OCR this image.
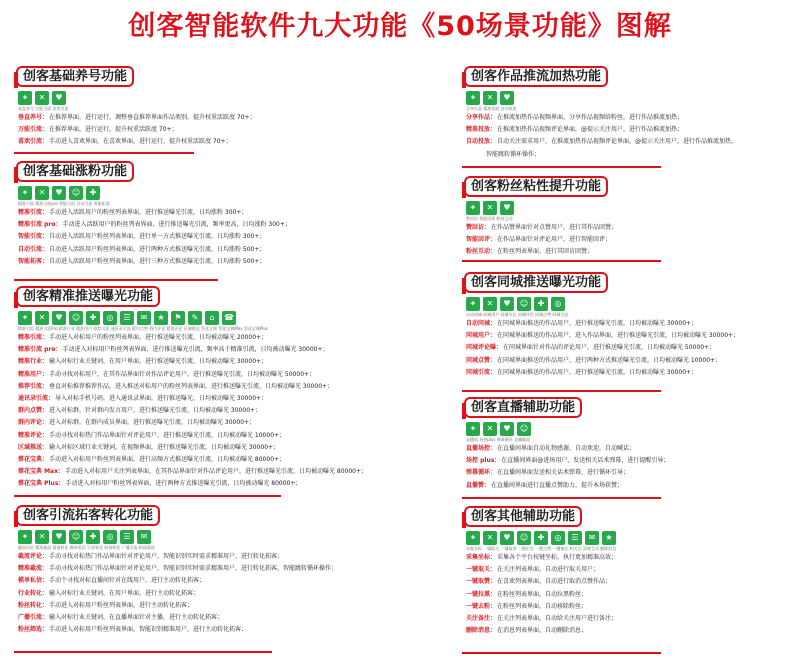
创客智能软件九大功能《50场景功能》图解
创客基础养号功能
✦	✕	♥
垂直养号 万能引流 喜欢引流
垂直养号：在推荐界面，进行运行，调整垂直推荐界面作品类别，提升权重活跃度 70+；
万能引流：在推荐界面，进行运行，提升权重活跃度 70+；
喜欢引流：手动进入喜欢界面，在喜欢界面，进行运行，提升权重活跃度 70+；
创客基础涨粉功能
✦	✕	♥	☺	✚
精准引流 精准引流pro 智能引流 自动引流 智能拓客
精准引流：手动进入活跃用户的粉丝列表界面，进行推送曝光引流，日均涨粉 300+；
精准引流 pro：手动进入活跃用户的粉丝列表界面，进行推送曝光引流，频率更高，日均涨粉 300+；
智能引流：自动进入活跃用户粉丝列表界面，进行单一方式推送曝光引流，日均涨粉 300+；
自动引流：自动进入活跃用户粉丝列表界面，进行两种方式推送曝光引流，日均涨粉 500+；
智能拓客：自动进入活跃用户粉丝列表界面，进行三种方式推送曝光引流，日均涨粉 500+；
创客精准推送曝光功能
✦	✕	♥	☺	✚	◎	☰	✉	★	⚑	✎	⌂	☎
精准引流 精准引流Pro 精准行业 精准用户 推荐引流 通讯录引流 群内点赞 群内评论 精准评论 区域推送 蔡花宝典 蔡花宝典Max 蔡花宝典Plus
精准引流：手动进入对标用户的粉丝列表界面，进行推送曝光引流，日均被动曝光 20000+；
精准引流 pro：手动进入对标用户粉丝列表界面，进行推送曝光引流，频率高于精准引流，日均被动曝光 30000+；
精准行业：输入对标行业关键词，在用户界面，进行推送曝光引流，日均被动曝光 30000+；
精准用户：手动寻找对标用户，在其作品界面针对作品评论用户，进行推送曝光引流，日均被动曝光 50000+；
推荐引流：垂直对标推荐推荐作品，进入推送对标用户的粉丝列表界面，进行推送曝光引流，日均被动曝光 30000+；
通讯录引流：导入对标手机号码，进入通讯录界面，进行推送曝光，日均被动曝光 30000+；
群内点赞：进入对标群，针对群内发言用户，进行推送曝光引流，日均被动曝光 30000+；
群内评论：进入对标群，在群内成员界面，进行推送曝光引流，日均被动曝光 30000+；
精准评论：手动寻找对标热门作品界面针对评论用户，进行推送曝光引流，日均被动曝光 10000+；
区域推送：输入对标区域行业关键词，在视频界面，进行推送曝光引流，日均被动曝光 30000+；
蔡花宝典：手动进入对标用户粉丝列表界面，进行高频方式推送曝光引流，日均被动曝光 80000+；
蔡花宝典 Max：手动进入对标用户关注列表界面，在其作品界面针对作品评论用户，进行推送曝光引流，日均被动曝光 80000+；
蔡花宝典 Plus：手动进入对标用户粉丝列表界面，进行两种方式推送曝光引流，日均被动曝光 80000+；
创客引流拓客转化功能
✦	✕	♥	☺	✚	◎	☰	✉
截流评论 精准截流 精准转化 模单私信 行业转化 粉丝转化 广播引流 粉丝筛选
截流评论：手动寻找对标热门作品界面针对评论用户，智能识别实时需求精准用户，进行转化拓客；
精准截流：手动寻找对标热门作品界面针对评论用户，智能识别实时需求精准用户，进行转化拓客，智能跳转循环操作；
模单私信：手动个寻找对标直播间针对在线用户，进行主动转化拓客；
行业转化：输入对标行业关键词，在用户界面，进行主动转化拓客；
粉丝转化：手动进入对标用户粉丝列表界面，进行主动转化拓客；
广播引流：输入对标行业关键词，在直播界面针对主播，进行主动转化拓客；
粉丝筛选：手动进入对标用户粉丝列表界面，智能识别精准用户，进行主动转化拓客；
创客作品推流加热功能
✦	✕	♥
分享作品 精准投放 自动投放
分享作品：在推流加热作品视频界面，分享作品视频给粉丝，进行作品推流加热；
精准投放：在推流加热作品视频评论界面，@提示关注用户，进行作品推流加热；
自动投放：自动关注需求用户，在推流加热作品视频评论界面，@提示关注用户，进行作品推流加热，
智能跳转循环操作；
创客粉丝粘性提升功能
✦	✕	♥
赞回访 智能回评 粉丝互动
赞回访：在作品赞界面针对点赞用户，进行其作品回赞；
智能回评：在作品界面针对评论用户，进行智能回评；
粉丝互动：在粉丝列表界面，进行其回访回赞；
创客同城推送曝光功能
✦	✕	♥	☺	✚	◎
自动同城 同城用户 同城关注 同城评论 同城点赞 同城引流
自动同城：在同城界面推送的作品用户，进行推送曝光引流，日均被动曝光 30000+；
同城用户：在同城界面推送的作品用户，进入作品界面，进行推送曝光引流，日均被动曝光 30000+；
同城评论曝：在同城界面针对作品的评论用户，进行推送曝光引流，日均被动曝光 50000+；
同城点赞：在同城界面推送的作品用户，进行两种方式推送曝光引流，日均被动曝光 10000+；
同城引流：在同城界面推送的作品用户，进行推送曝光引流，日均被动曝光 30000+；
创客直播辅助功能
✦	✕	♥	☺
直播间 场控plus 弹幕循环 直播截流
直播场控：在直播间界面自动礼物感谢，自动欢迎，自动喊话；
场控 plus：在直播间界面@进场用户，发送相关话术弹幕，进行提醒引导；
弹幕循环：在直播间界面发送相关话术弹幕，进行循环引导；
直播赞：在直播间界面进行直播点赞助力，提升本场获赞；
创客其他辅助功能
✦	✕	♥	☺	✚	◎	☰	✉	★
采集坐标 一键取关 一键取消 一键出名 一键点赞 一键备注 相关注 清理互动 删除消息
采集坐标：采集各个平台按键坐标，执行更加精准高效；
一键取关：在关注列表界面，自动进行取关用户；
一键取赞：在喜欢列表界面，自动进行取消点赞作品；
一键拉黑：在粉丝列表界面，自动拉黑粉丝；
一键去粉：在粉丝列表界面，自动移除粉丝；
关注备注：在关注列表界面，自动给关注用户进行备注；
删除消息：在消息列表界面，自动删除消息；
